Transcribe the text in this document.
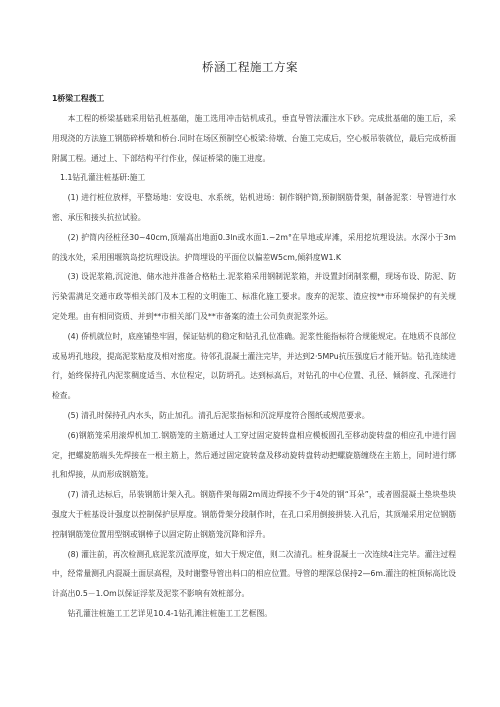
桥涵工程施工方案

1桥梁工程莪工

本工程的桥梁基础采用钻孔桩基础，施工选用冲击钻机成孔，垂直导管法灌注水下砂。完成批基础的施工后，采用现浇的方法施工钢筋碎桥墩和桥台.同时在场区预制空心板梁:待墩、台施工完成后，空心板吊装就位，最后完成桥面附属工程。通过上、下部结构平行作业，保证桥梁的施工进度。

1.1钻孔灌注桩基研:施工

(1) 进行桩位放样，平整场地：安设电、水系统，钻机进场：制作钢护筒,预制钢筋骨架，制备泥浆：导管进行水密、承压和接头抗拉试验。

(2) 护筒内径桩径30~40cm,顶端高出地面0.3ln或水面1.~2m°在旱地或岸滩，采用挖坑理设法。水深小于3m的浅水处，采用围堰筑岛挖坑理设法。护筒埋设的平面位以偏差W5cm,倾斜度W1.K

(3) 设泥浆箱,沉淀池、储水池并准备合格粘土.泥浆箱采用钢制泥浆箱，并设置封闭制浆棚，现场布设、防泥、防污染需满足交通市政等相关部门及本工程的文明施工、标准化施工要求。废弃的泥浆、渣应按**市环境保护的有关规定处理。由有相同资质、并到**市相关部门及**市备案的渣土公司负责泥浆外运。

(4) 侨机就位时，底座铺垫牢固，保证钻机的稳定和钻孔孔位准确。泥浆性能指标符合规能规定。在地质不良部位或易坍孔地段，提高泥浆粘度及相对密度。待邻孔混凝土灌注完毕，并达到2·5MPu抗压强度后才能开钻。钻孔连续进行，始终保持孔内泥浆稠度适当、水位程定，以防坍孔。达到标高后，对钻孔的中心位置、孔径、倾斜度、孔深进行检查。

(5) 清孔时保持孔内水头，防止加孔。清孔后泥浆指标和沉淀厚度符合图纸或规范要求。

(6)钢筋笼采用滚焊机加工.钢筋笼的主筋通过人工穿过固定旋转盘相应模板圆孔至移动旋转盘的相应孔中进行固定，把螺旋筋端头先焊接在一根主筋上，然后通过固定旋转盘及移动旋转盘转动把螺旋筋缠绕在主筋上，同时进行绑扎和焊接，从而形成钢筋笼。

(7) 清孔达标后，吊装钢筋计架入孔。钢筋件架每隔2m周边焊接不少于4处的钢“耳朵”，或者圆混凝土垫块垫块强度大于桩基设计强度以控制保护层厚度。钢筋骨架分段制作时，在孔口采用倒接拼装.入孔后，其顶端采用定位钢筋控制钢筋笼位置用型钢或钢棒子以固定防止钢筋笼沉降和浮升。

(8) 灌注前，再次检测孔底泥浆沉渣厚度，如大于规定值，则二次清孔。桩身混凝土一次连续4注完毕。灌注过程中，经常量测孔内混凝土面层高程，及时谢整导管出料口的相应位置。导管的埋深总保持2—6m.灌注的桩顶标高比设计高出0.5－1.Om以保证浮浆及泥浆不影响有效桩部分。

钻孔灌注桩施工工艺详见10.4-1钻孔滩注桩施工工艺框图。
